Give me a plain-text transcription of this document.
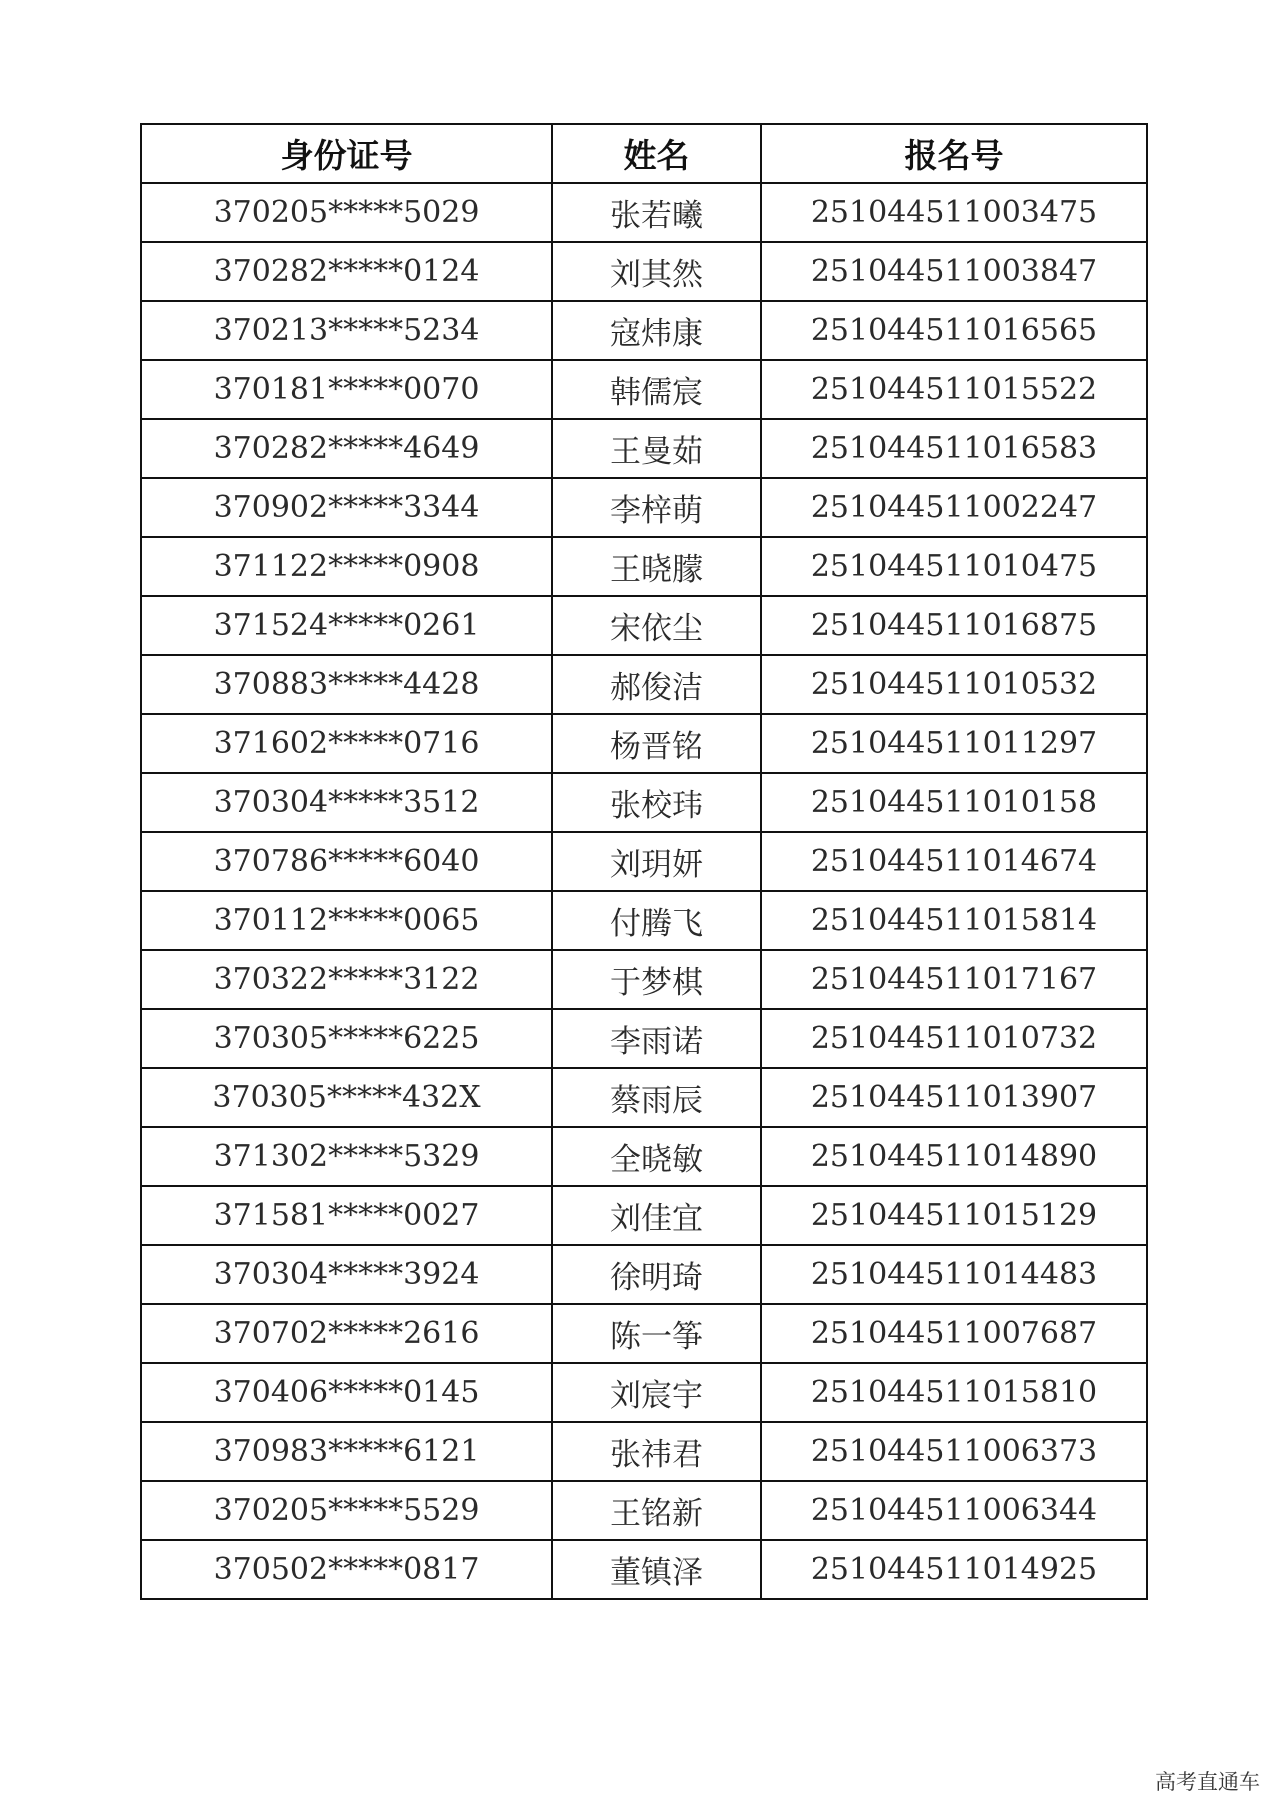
身份证号	姓名	报名号
370205*****5029	张若曦	251044511003475
370282*****0124	刘其然	251044511003847
370213*****5234	寇炜康	251044511016565
370181*****0070	韩儒宸	251044511015522
370282*****4649	王曼茹	251044511016583
370902*****3344	李梓萌	251044511002247
371122*****0908	王晓朦	251044511010475
371524*****0261	宋依尘	251044511016875
370883*****4428	郝俊洁	251044511010532
371602*****0716	杨晋铭	251044511011297
370304*****3512	张校玮	251044511010158
370786*****6040	刘玥妍	251044511014674
370112*****0065	付腾飞	251044511015814
370322*****3122	于梦棋	251044511017167
370305*****6225	李雨诺	251044511010732
370305*****432X	蔡雨辰	251044511013907
371302*****5329	全晓敏	251044511014890
371581*****0027	刘佳宜	251044511015129
370304*****3924	徐明琦	251044511014483
370702*****2616	陈一筝	251044511007687
370406*****0145	刘宸宇	251044511015810
370983*****6121	张祎君	251044511006373
370205*****5529	王铭新	251044511006344
370502*****0817	董镇泽	251044511014925
高考直通车
